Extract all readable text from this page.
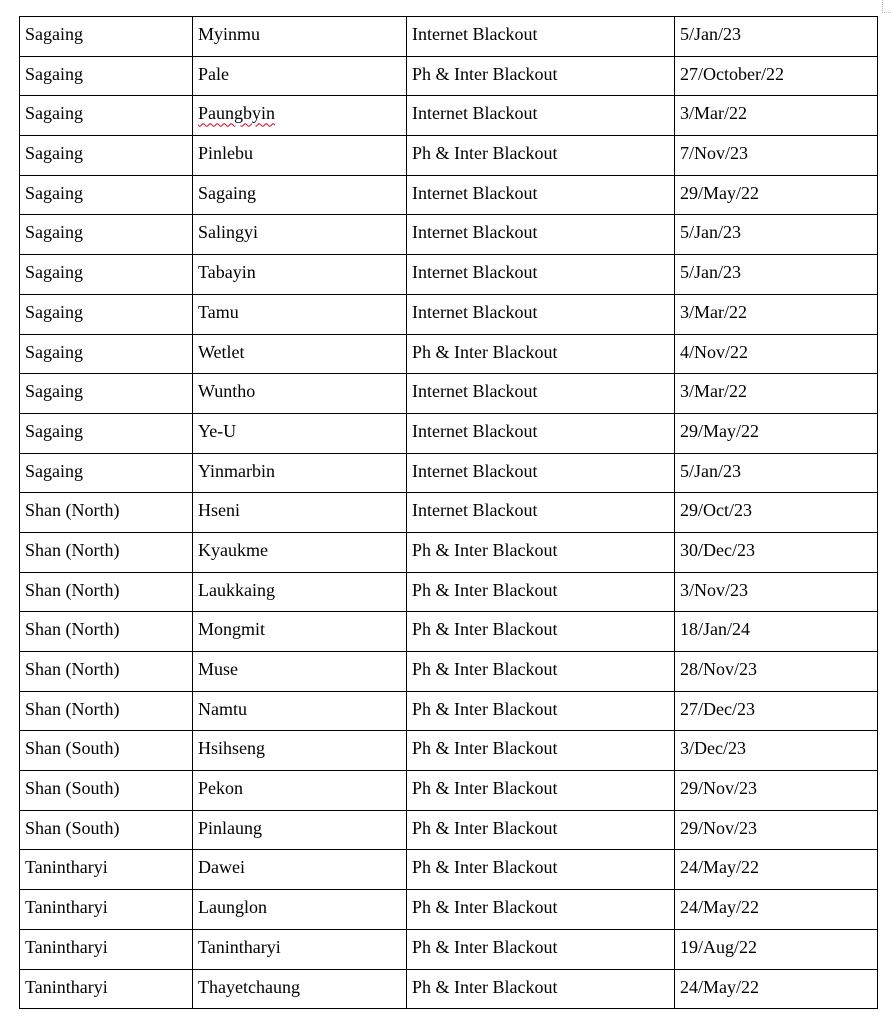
Sagaing	Myinmu	Internet Blackout	5/Jan/23
Sagaing	Pale	Ph & Inter Blackout	27/October/22
Sagaing	Paungbyin	Internet Blackout	3/Mar/22
Sagaing	Pinlebu	Ph & Inter Blackout	7/Nov/23
Sagaing	Sagaing	Internet Blackout	29/May/22
Sagaing	Salingyi	Internet Blackout	5/Jan/23
Sagaing	Tabayin	Internet Blackout	5/Jan/23
Sagaing	Tamu	Internet Blackout	3/Mar/22
Sagaing	Wetlet	Ph & Inter Blackout	4/Nov/22
Sagaing	Wuntho	Internet Blackout	3/Mar/22
Sagaing	Ye-U	Internet Blackout	29/May/22
Sagaing	Yinmarbin	Internet Blackout	5/Jan/23
Shan (North)	Hseni	Internet Blackout	29/Oct/23
Shan (North)	Kyaukme	Ph & Inter Blackout	30/Dec/23
Shan (North)	Laukkaing	Ph & Inter Blackout	3/Nov/23
Shan (North)	Mongmit	Ph & Inter Blackout	18/Jan/24
Shan (North)	Muse	Ph & Inter Blackout	28/Nov/23
Shan (North)	Namtu	Ph & Inter Blackout	27/Dec/23
Shan (South)	Hsihseng	Ph & Inter Blackout	3/Dec/23
Shan (South)	Pekon	Ph & Inter Blackout	29/Nov/23
Shan (South)	Pinlaung	Ph & Inter Blackout	29/Nov/23
Tanintharyi	Dawei	Ph & Inter Blackout	24/May/22
Tanintharyi	Launglon	Ph & Inter Blackout	24/May/22
Tanintharyi	Tanintharyi	Ph & Inter Blackout	19/Aug/22
Tanintharyi	Thayetchaung	Ph & Inter Blackout	24/May/22
